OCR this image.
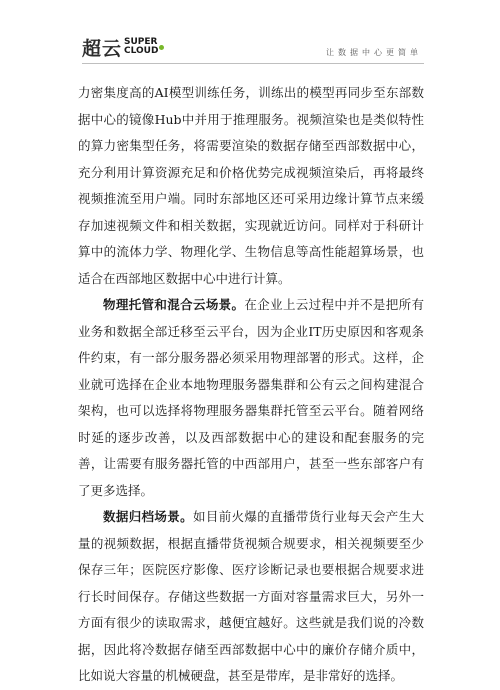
超云 SUPER
CLOUD	让数据中心更简单

力密集度高的AI模型训练任务，训练出的模型再同步至东部数据中心的镜像Hub中并用于推理服务。视频渲染也是类似特性的算力密集型任务，将需要渲染的数据存储至西部数据中心，充分利用计算资源充足和价格优势完成视频渲染后，再将最终视频推流至用户端。同时东部地区还可采用边缘计算节点来缓存加速视频文件和相关数据，实现就近访问。同样对于科研计算中的流体力学、物理化学、生物信息等高性能超算场景，也适合在西部地区数据中心中进行计算。

物理托管和混合云场景。在企业上云过程中并不是把所有业务和数据全部迁移至云平台，因为企业IT历史原因和客观条件约束，有一部分服务器必须采用物理部署的形式。这样，企业就可选择在企业本地物理服务器集群和公有云之间构建混合架构，也可以选择将物理服务器集群托管至云平台。随着网络时延的逐步改善，以及西部数据中心的建设和配套服务的完善，让需要有服务器托管的中西部用户，甚至一些东部客户有了更多选择。

数据归档场景。如目前火爆的直播带货行业每天会产生大量的视频数据，根据直播带货视频合规要求，相关视频要至少保存三年；医院医疗影像、医疗诊断记录也要根据合规要求进行长时间保存。存储这些数据一方面对容量需求巨大，另外一方面有很少的读取需求，越便宜越好。这些就是我们说的冷数据，因此将冷数据存储至西部数据中心中的廉价存储介质中，比如说大容量的机械硬盘，甚至是带库，是非常好的选择。
